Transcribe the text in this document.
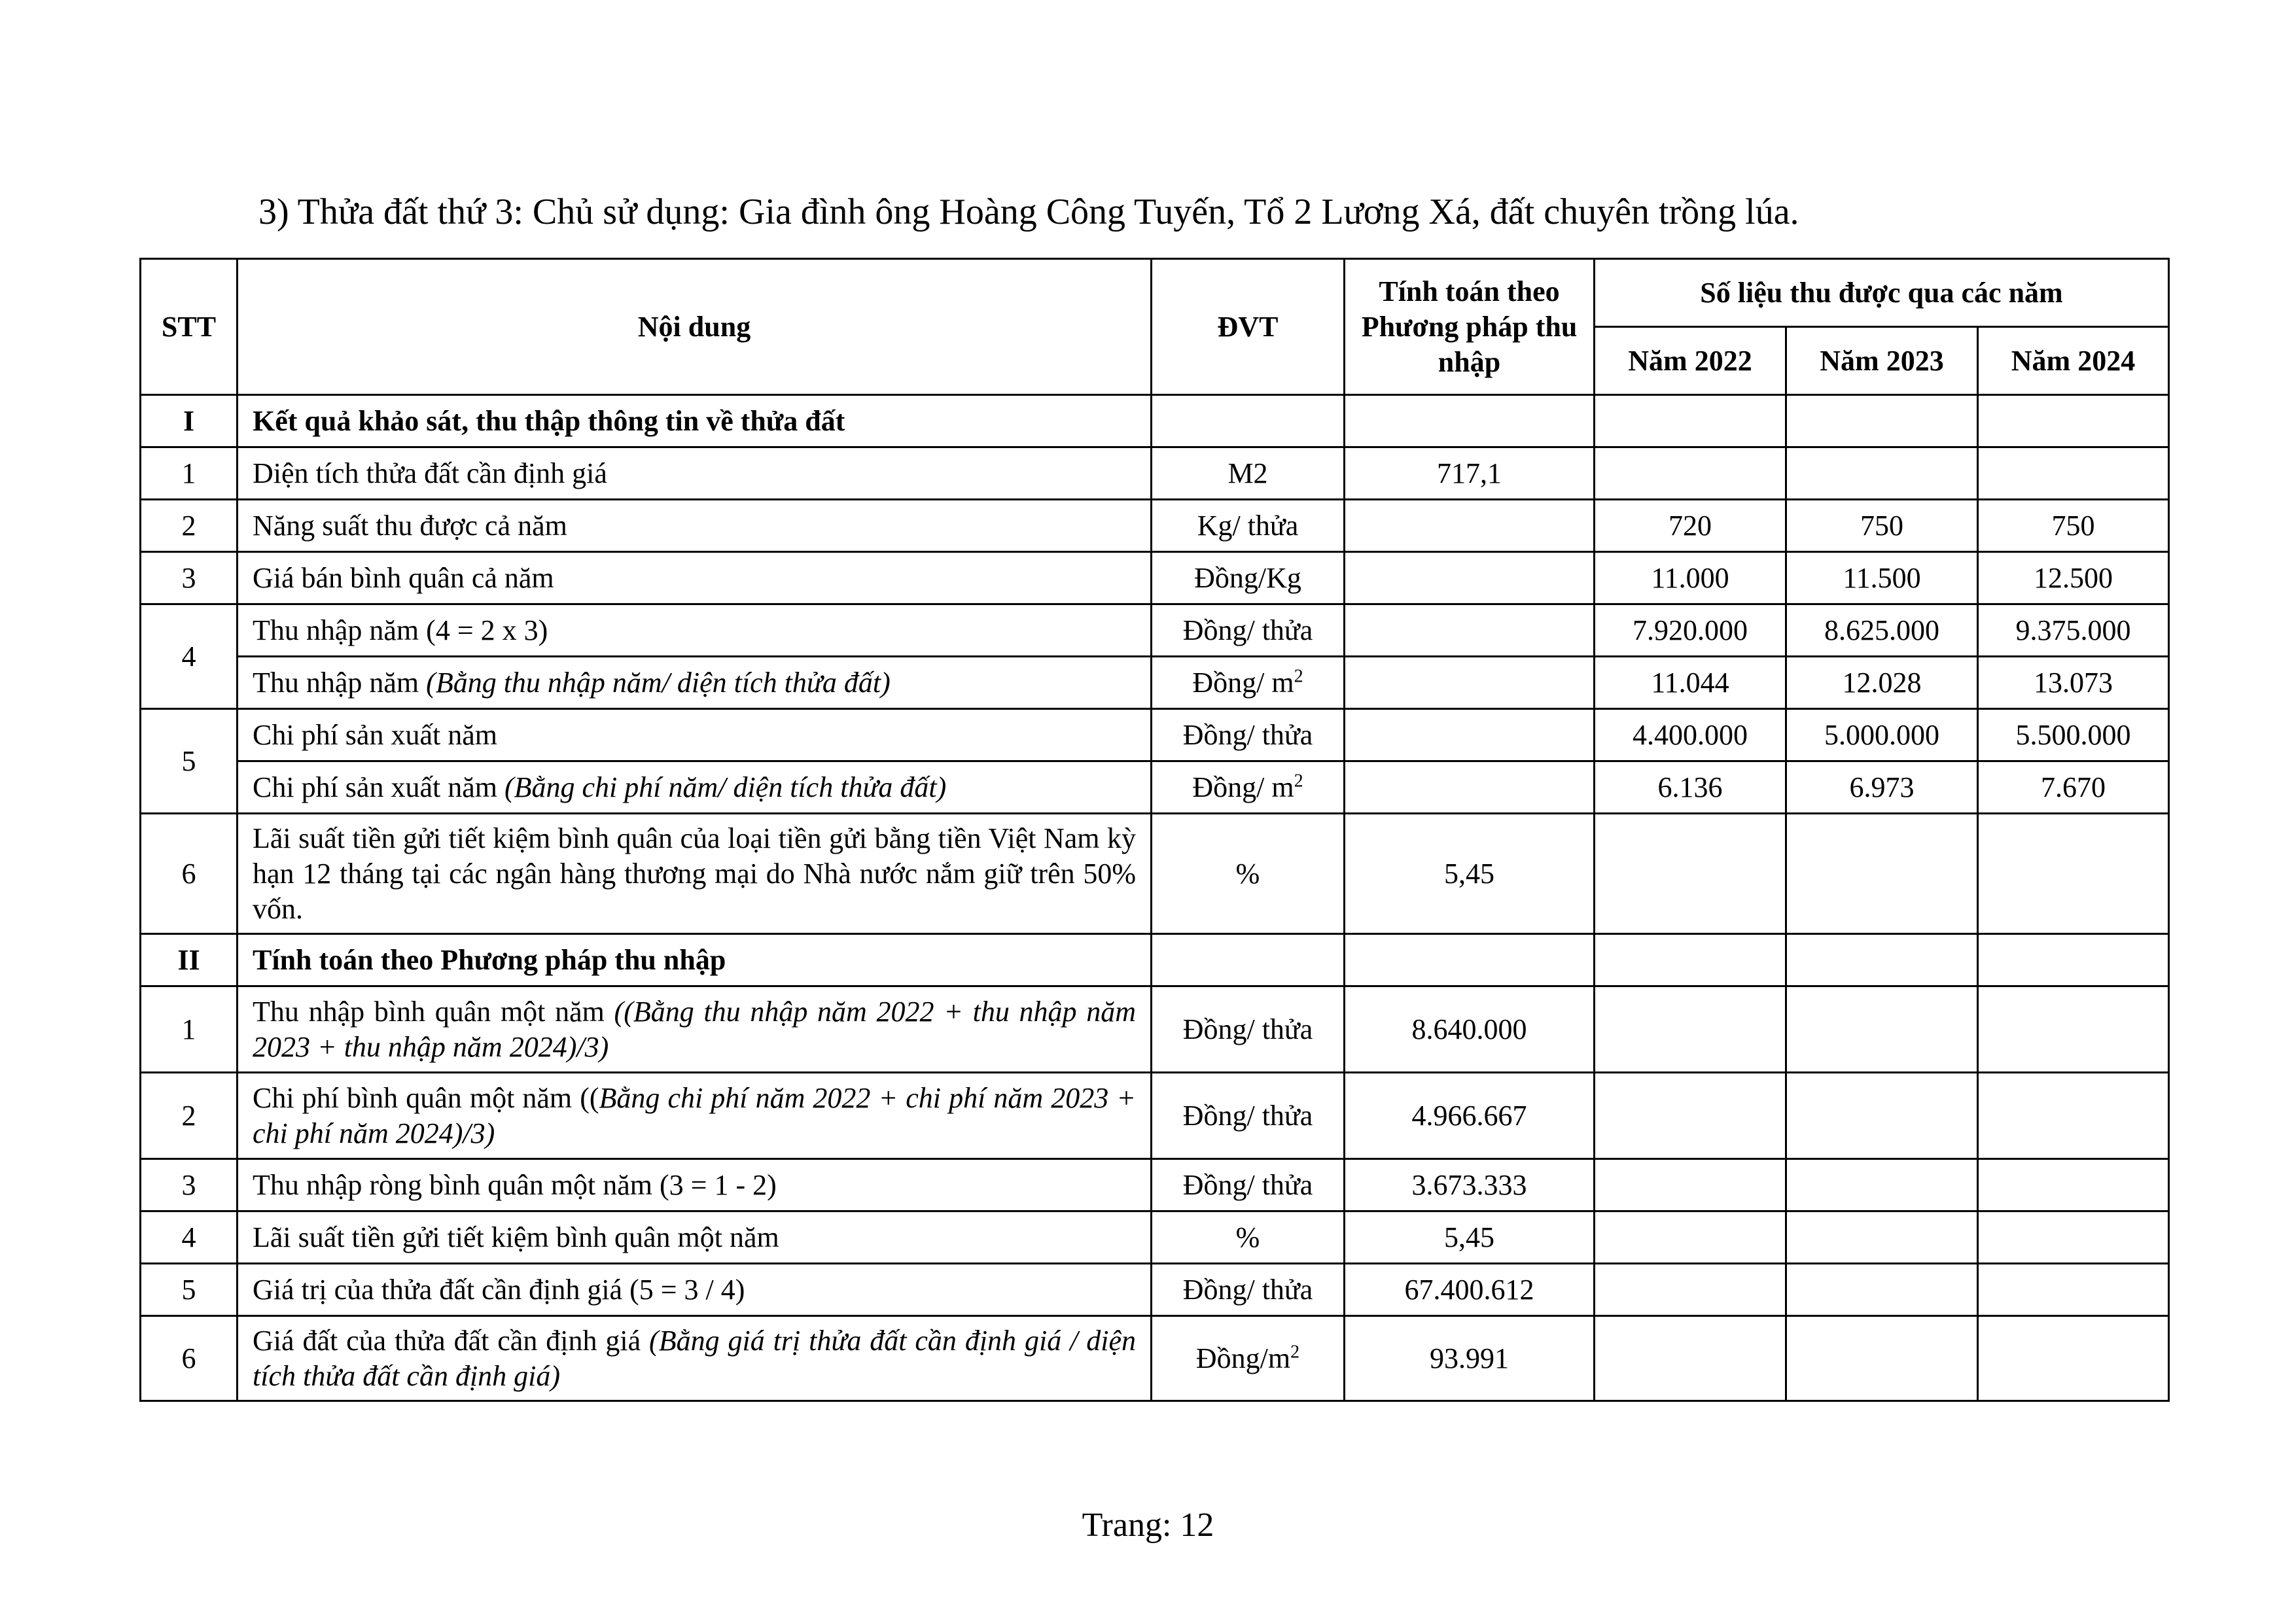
3) Thửa đất thứ 3: Chủ sử dụng: Gia đình ông Hoàng Công Tuyến, Tổ 2 Lương Xá, đất chuyên trồng lúa.
STT	Nội dung	ĐVT	Tính toán theo Phương pháp thu nhập	Số liệu thu được qua các năm		
				Năm 2022	Năm 2023	Năm 2024
I	Kết quả khảo sát, thu thập thông tin về thửa đất					
1	Diện tích thửa đất cần định giá	M2	717,1			
2	Năng suất thu được cả năm	Kg/ thửa		720	750	750
3	Giá bán bình quân cả năm	Đồng/Kg		11.000	11.500	12.500
4	Thu nhập năm (4 = 2 x 3)	Đồng/ thửa		7.920.000	8.625.000	9.375.000
	Thu nhập năm (Bằng thu nhập năm/ diện tích thửa đất)	Đồng/ $m^2$		11.044	12.028	13.073
5	Chi phí sản xuất năm	Đồng/ thửa		4.400.000	5.000.000	5.500.000
	Chi phí sản xuất năm (Bằng chi phí năm/ diện tích thửa đất)	Đồng/ $m^2$		6.136	6.973	7.670
6	Lãi suất tiền gửi tiết kiệm bình quân của loại tiền gửi bằng tiền Việt Nam kỳ hạn 12 tháng tại các ngân hàng thương mại do Nhà nước nắm giữ trên 50% vốn.	%	5,45			
II	Tính toán theo Phương pháp thu nhập					
1	Thu nhập bình quân một năm ((Bằng thu nhập năm 2022 + thu nhập năm 2023 + thu nhập năm 2024)/3)	Đồng/ thửa	8.640.000			
2	Chi phí bình quân một năm ((Bằng chi phí năm 2022 + chi phí năm 2023 + chi phí năm 2024)/3)	Đồng/ thửa	4.966.667			
3	Thu nhập ròng bình quân một năm (3 = 1 - 2)	Đồng/ thửa	3.673.333			
4	Lãi suất tiền gửi tiết kiệm bình quân một năm	%	5,45			
5	Giá trị của thửa đất cần định giá (5 = 3 / 4)	Đồng/ thửa	67.400.612			
6	Giá đất của thửa đất cần định giá (Bằng giá trị thửa đất cần định giá / diện tích thửa đất cần định giá)	Đồng/$m^2$	93.991			
Trang: 12
